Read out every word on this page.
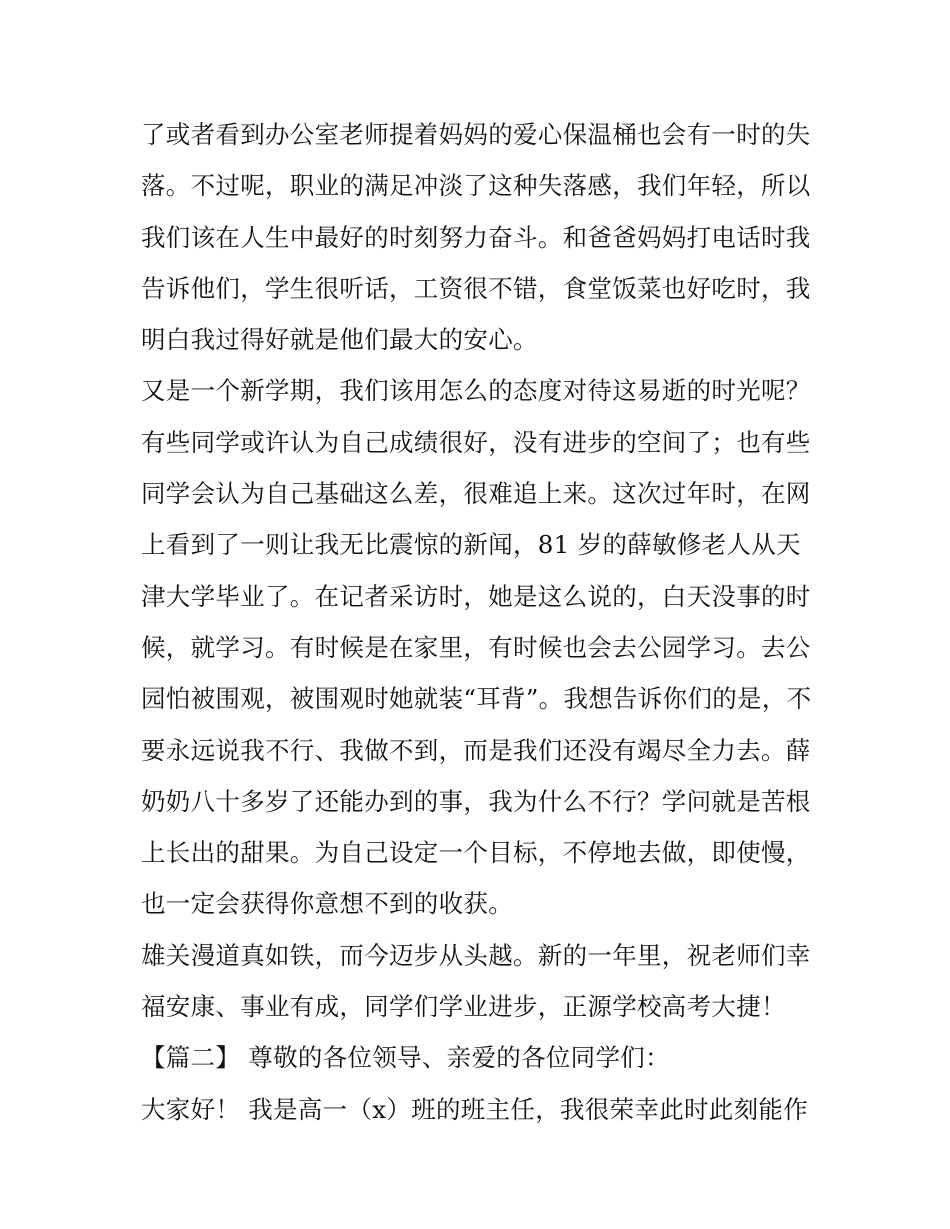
了或者看到办公室老师提着妈妈的爱心保温桶也会有一时的失
落。不过呢，职业的满足冲淡了这种失落感，我们年轻，所以
我们该在人生中最好的时刻努力奋斗。和爸爸妈妈打电话时我
告诉他们，学生很听话，工资很不错，食堂饭菜也好吃时，我
明白我过得好就是他们最大的安心。
又是一个新学期，我们该用怎么的态度对待这易逝的时光呢？
有些同学或许认为自己成绩很好，没有进步的空间了；也有些
同学会认为自己基础这么差，很难追上来。这次过年时，在网
上看到了一则让我无比震惊的新闻，81 岁的薛敏修老人从天
津大学毕业了。在记者采访时，她是这么说的，白天没事的时
候，就学习。有时候是在家里，有时候也会去公园学习。去公
园怕被围观，被围观时她就装“耳背”。我想告诉你们的是，不
要永远说我不行、我做不到，而是我们还没有竭尽全力去。薛
奶奶八十多岁了还能办到的事，我为什么不行？学问就是苦根
上长出的甜果。为自己设定一个目标，不停地去做，即使慢，
也一定会获得你意想不到的收获。
雄关漫道真如铁，而今迈步从头越。新的一年里，祝老师们幸
福安康、事业有成，同学们学业进步，正源学校高考大捷！
【篇二】 尊敬的各位领导、亲爱的各位同学们：
大家好！ 我是高一（x）班的班主任，我很荣幸此时此刻能作
